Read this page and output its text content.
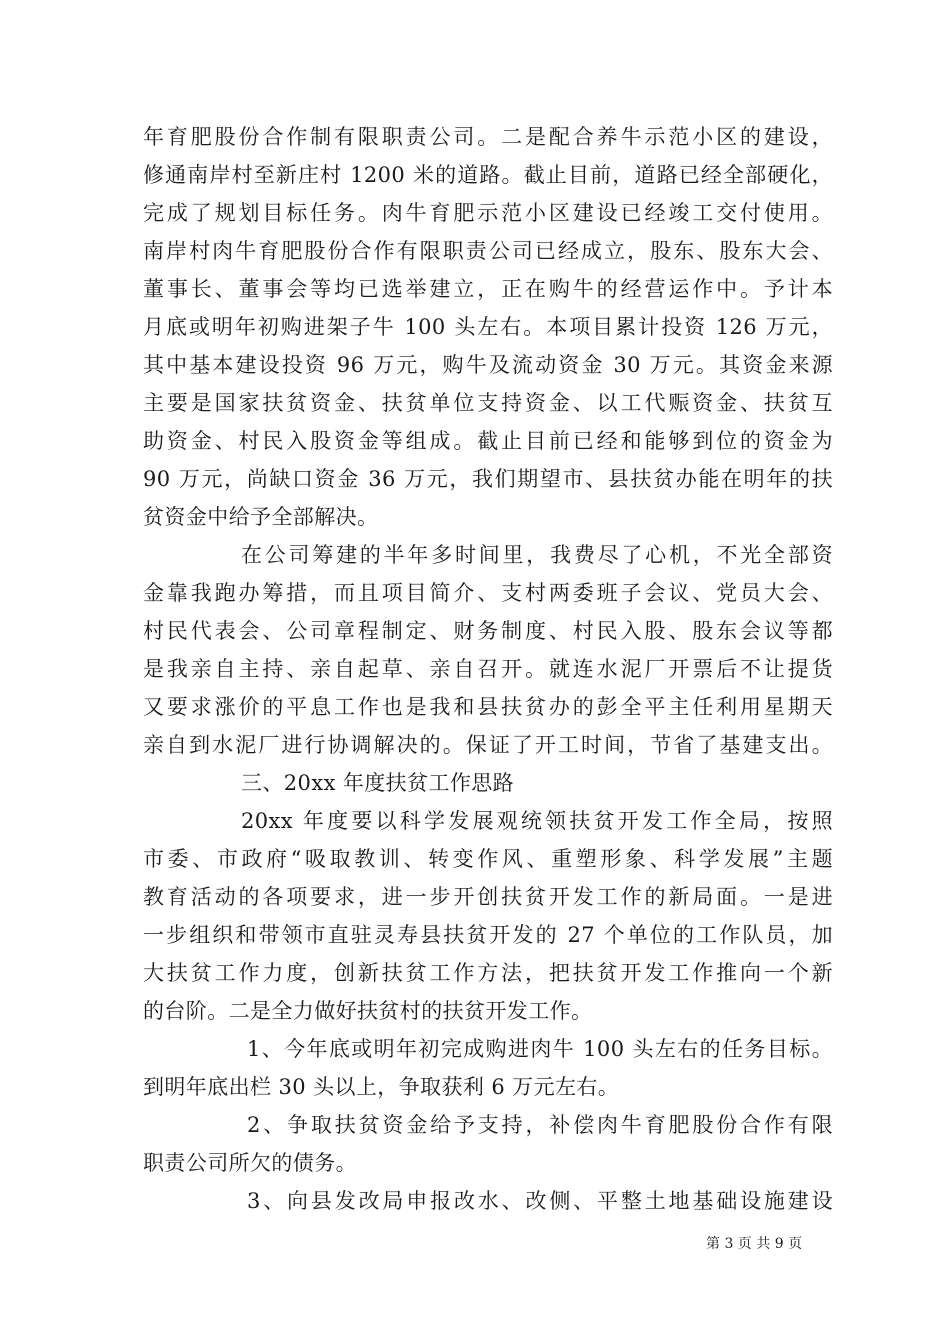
年育肥股份合作制有限职责公司。二是配合养牛示范小区的建设，
修通南岸村至新庄村 1200 米的道路。截止目前，道路已经全部硬化，
完成了规划目标任务。肉牛育肥示范小区建设已经竣工交付使用。
南岸村肉牛育肥股份合作有限职责公司已经成立，股东、股东大会、
董事长、董事会等均已选举建立，正在购牛的经营运作中。予计本
月底或明年初购进架子牛 100 头左右。本项目累计投资 126 万元，
其中基本建设投资 96 万元，购牛及流动资金 30 万元。其资金来源
主要是国家扶贫资金、扶贫单位支持资金、以工代赈资金、扶贫互
助资金、村民入股资金等组成。截止目前已经和能够到位的资金为
90 万元，尚缺口资金 36 万元，我们期望市、县扶贫办能在明年的扶
贫资金中给予全部解决。
在公司筹建的半年多时间里，我费尽了心机，不光全部资
金靠我跑办筹措，而且项目简介、支村两委班子会议、党员大会、
村民代表会、公司章程制定、财务制度、村民入股、股东会议等都
是我亲自主持、亲自起草、亲自召开。就连水泥厂开票后不让提货
又要求涨价的平息工作也是我和县扶贫办的彭全平主任利用星期天
亲自到水泥厂进行协调解决的。保证了开工时间，节省了基建支出。
三、20xx 年度扶贫工作思路
20xx 年度要以科学发展观统领扶贫开发工作全局，按照
市委、市政府“吸取教训、转变作风、重塑形象、科学发展”主题
教育活动的各项要求，进一步开创扶贫开发工作的新局面。一是进
一步组织和带领市直驻灵寿县扶贫开发的 27 个单位的工作队员，加
大扶贫工作力度，创新扶贫工作方法，把扶贫开发工作推向一个新
的台阶。二是全力做好扶贫村的扶贫开发工作。
1、今年底或明年初完成购进肉牛 100 头左右的任务目标。
到明年底出栏 30 头以上，争取获利 6 万元左右。
2、争取扶贫资金给予支持，补偿肉牛育肥股份合作有限
职责公司所欠的债务。
3、向县发改局申报改水、改侧、平整土地基础设施建设
第 3 页 共 9 页
